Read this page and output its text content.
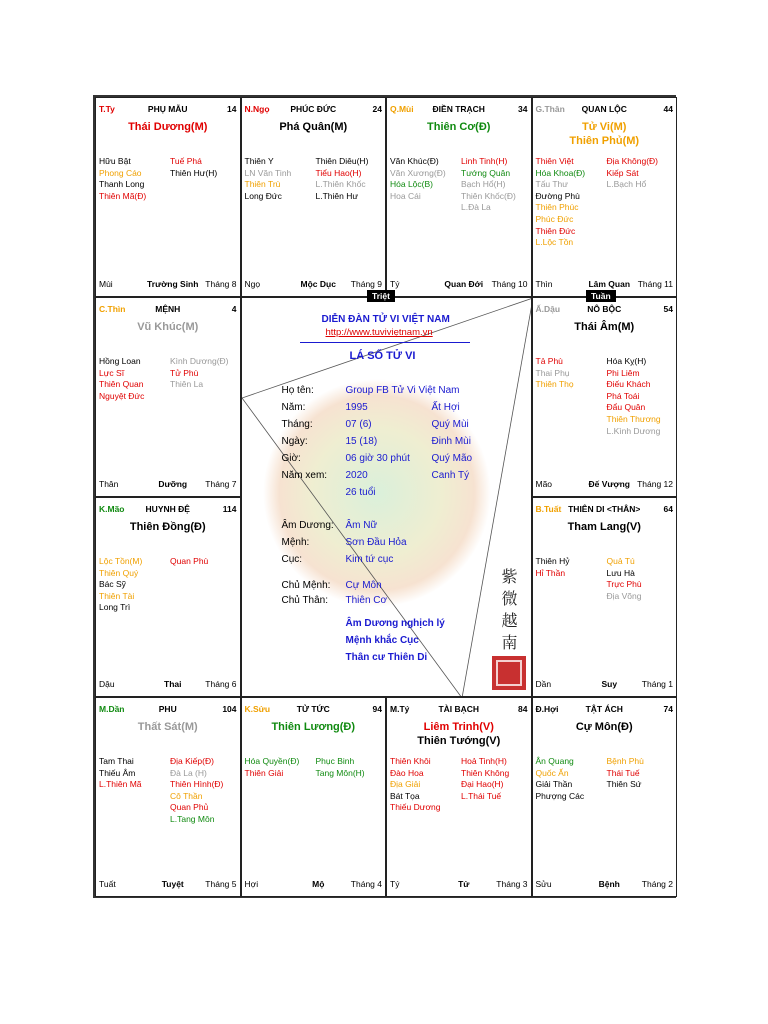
T.Ty	PHỤ MẪU	14
Thái Dương(M)
Hữu Bật
Phong Cáo
Thanh Long
Thiên Mã(Đ)
Tuế Phá
Thiên Hư(H)
Mùi	Trường Sinh Tháng 8
N.Ngọ	PHÚC ĐỨC	24
Phá Quân(M)
Thiên Y
LN Văn Tinh
Thiên Trù
Long Đức
Thiên Diêu(H)
Tiểu Hao(H)
L.Thiên Khốc
L.Thiên Hư
Ngọ	Mộc Dục	Tháng 9
Q.Mùi	ĐIỀN TRẠCH	34
Thiên Cơ(Đ)
Văn Khúc(Đ)
Văn Xương(Đ)
Hóa Lộc(B)
Hoa Cái
Linh Tinh(H)
Tướng Quân
Bạch Hổ(H)
Thiên Khốc(Đ)
L.Đà La
Tý	Quan Đới	Tháng 10
G.Thân	QUAN LỘC	44
Tử Vi(M)
Thiên Phủ(M)
Thiên Việt
Hóa Khoa(Đ)
Tấu Thư
Đường Phù
Thiên Phúc
Phúc Đức
Thiên Đức
L.Lộc Tồn
Địa Không(Đ)
Kiếp Sát
L.Bạch Hổ
Thìn	Lâm Quan Tháng 11
C.Thìn	MỆNH	4
Vũ Khúc(M)
Hồng Loan
Lực Sĩ
Thiên Quan
Nguyệt Đức
Kình Dương(Đ)
Tử Phù
Thiên La
Thân	Dưỡng	Tháng 7
Ấ.Dậu	NÔ BỘC	54
Thái Âm(M)
Tả Phù
Thai Phụ
Thiên Thọ
Hóa Kỵ(H)
Phi Liêm
Điếu Khách
Phá Toái
Đẩu Quân
Thiên Thương
L.Kình Dương
Mão	Đế Vượng Tháng 12
K.Mão	HUYNH ĐỆ	114
Thiên Đồng(Đ)
Lộc Tồn(M)
Thiên Quý
Bác Sỹ
Thiên Tài
Long Trì
Quan Phù
Dậu	Thai	Tháng 6
B.Tuất THIÊN DI <THÂN>	64
Tham Lang(V)
Thiên Hỷ
Hỉ Thần
Quả Tú
Lưu Hà
Trực Phù
Địa Võng
Dần	Suy	Tháng 1
M.Dần	PHU	104
Thất Sát(M)
Tam Thai
Thiếu Âm
L.Thiên Mã
Địa Kiếp(Đ)
Đà La (H)
Thiên Hình(Đ)
Cô Thần
Quan Phủ
L.Tang Môn
Tuất	Tuyệt	Tháng 5
K.Sửu	TỬ TỨC	94
Thiên Lương(Đ)
Hóa Quyền(Đ)
Thiên Giải
Phục Binh
Tang Môn(H)
Hợi	Mộ	Tháng 4
M.Tý	TÀI BẠCH	84
Liêm Trinh(V)
Thiên Tướng(V)
Thiên Khôi
Đào Hoa
Địa Giải
Bát Tọa
Thiếu Dương
Hoả Tinh(H)
Thiên Không
Đại Hao(H)
L.Thái Tuế
Tý	Tử	Tháng 3
Đ.Hợi	TẬT ÁCH	74
Cự Môn(Đ)
Ân Quang
Quốc Ấn
Giải Thần
Phượng Các
Bệnh Phù
Thái Tuế
Thiên Sứ
Sửu	Bệnh	Tháng 2
DIỄN ĐÀN TỬ VI VIỆT NAM
http://www.tuviviẹtnam.vn
LÁ SỐ TỬ VI
Họ tên:	Group FB Tử Vi Việt Nam
Năm:	1995	Ất Hợi
Tháng:	07 (6)	Quý Mùi
Ngày:	15 (18)	Đinh Mùi
Giờ:	06 giờ 30 phút Quý Mão
Năm xem: 2020	Canh Tý
26 tuổi
Âm Dương: Âm Nữ
Mệnh:	Sơn Đầu Hỏa
Cục:	Kim tứ cục
Chủ Mệnh: Cự Môn
Chủ Thân: Thiên Cơ
Âm Dương nghịch lý
Mệnh khắc Cục
Thân cư Thiên Di
紫
微
越
南
Triệt	Tuần
